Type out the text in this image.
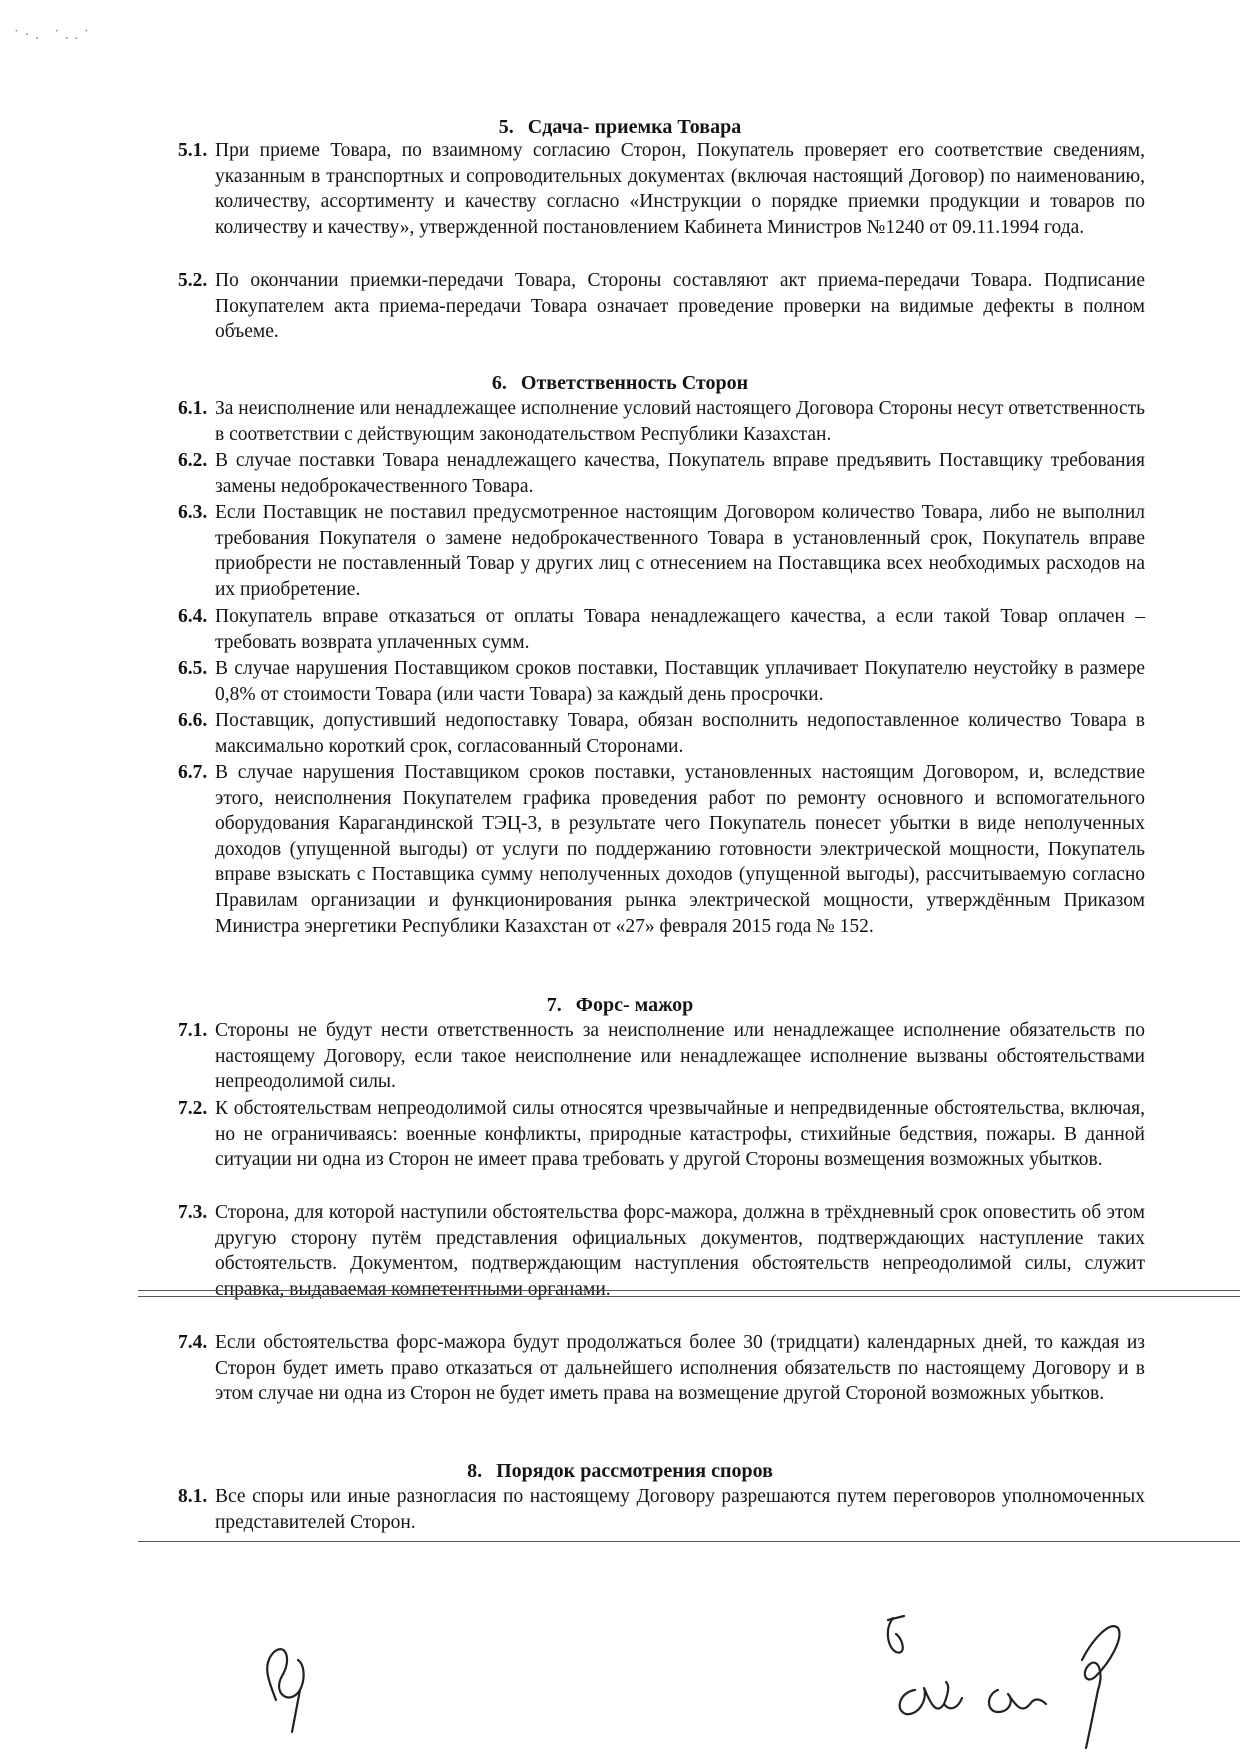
˙·. ˙..˙
5. Сдача- приемка Товара
5.1. При приеме Товара, по взаимному согласию Сторон, Покупатель проверяет его соответствие сведениям, указанным в транспортных и сопроводительных документах (включая настоящий Договор) по наименованию, количеству, ассортименту и качеству согласно «Инструкции о порядке приемки продукции и товаров по количеству и качеству», утвержденной постановлением Кабинета Министров №1240 от 09.11.1994 года.
5.2. По окончании приемки-передачи Товара, Стороны составляют акт приема-передачи Товара. Подписание Покупателем акта приема-передачи Товара означает проведение проверки на видимые дефекты в полном объеме.
6. Ответственность Сторон
6.1. За неисполнение или ненадлежащее исполнение условий настоящего Договора Стороны несут ответственность в соответствии с действующим законодательством Республики Казахстан.
6.2. В случае поставки Товара ненадлежащего качества, Покупатель вправе предъявить Поставщику требования замены недоброкачественного Товара.
6.3. Если Поставщик не поставил предусмотренное настоящим Договором количество Товара, либо не выполнил требования Покупателя о замене недоброкачественного Товара в установленный срок, Покупатель вправе приобрести не поставленный Товар у других лиц с отнесением на Поставщика всех необходимых расходов на их приобретение.
6.4. Покупатель вправе отказаться от оплаты Товара ненадлежащего качества, а если такой Товар оплачен – требовать возврата уплаченных сумм.
6.5. В случае нарушения Поставщиком сроков поставки, Поставщик уплачивает Покупателю неустойку в размере 0,8% от стоимости Товара (или части Товара) за каждый день просрочки.
6.6. Поставщик, допустивший недопоставку Товара, обязан восполнить недопоставленное количество Товара в максимально короткий срок, согласованный Сторонами.
6.7. В случае нарушения Поставщиком сроков поставки, установленных настоящим Договором, и, вследствие этого, неисполнения Покупателем графика проведения работ по ремонту основного и вспомогательного оборудования Карагандинской ТЭЦ-3, в результате чего Покупатель понесет убытки в виде неполученных доходов (упущенной выгоды) от услуги по поддержанию готовности электрической мощности, Покупатель вправе взыскать с Поставщика сумму неполученных доходов (упущенной выгоды), рассчитываемую согласно Правилам организации и функционирования рынка электрической мощности, утверждённым Приказом Министра энергетики Республики Казахстан от «27» февраля 2015 года № 152.
7. Форс- мажор
7.1. Стороны не будут нести ответственность за неисполнение или ненадлежащее исполнение обязательств по настоящему Договору, если такое неисполнение или ненадлежащее исполнение вызваны обстоятельствами непреодолимой силы.
7.2. К обстоятельствам непреодолимой силы относятся чрезвычайные и непредвиденные обстоятельства, включая, но не ограничиваясь: военные конфликты, природные катастрофы, стихийные бедствия, пожары. В данной ситуации ни одна из Сторон не имеет права требовать у другой Стороны возмещения возможных убытков.
7.3. Сторона, для которой наступили обстоятельства форс-мажора, должна в трёхдневный срок оповестить об этом другую сторону путём представления официальных документов, подтверждающих наступление таких обстоятельств. Документом, подтверждающим наступления обстоятельств непреодолимой силы, служит справка, выдаваемая компетентными органами.
7.4. Если обстоятельства форс-мажора будут продолжаться более 30 (тридцати) календарных дней, то каждая из Сторон будет иметь право отказаться от дальнейшего исполнения обязательств по настоящему Договору и в этом случае ни одна из Сторон не будет иметь права на возмещение другой Стороной возможных убытков.
8. Порядок рассмотрения споров
8.1. Все споры или иные разногласия по настоящему Договору разрешаются путем переговоров уполномоченных представителей Сторон.
